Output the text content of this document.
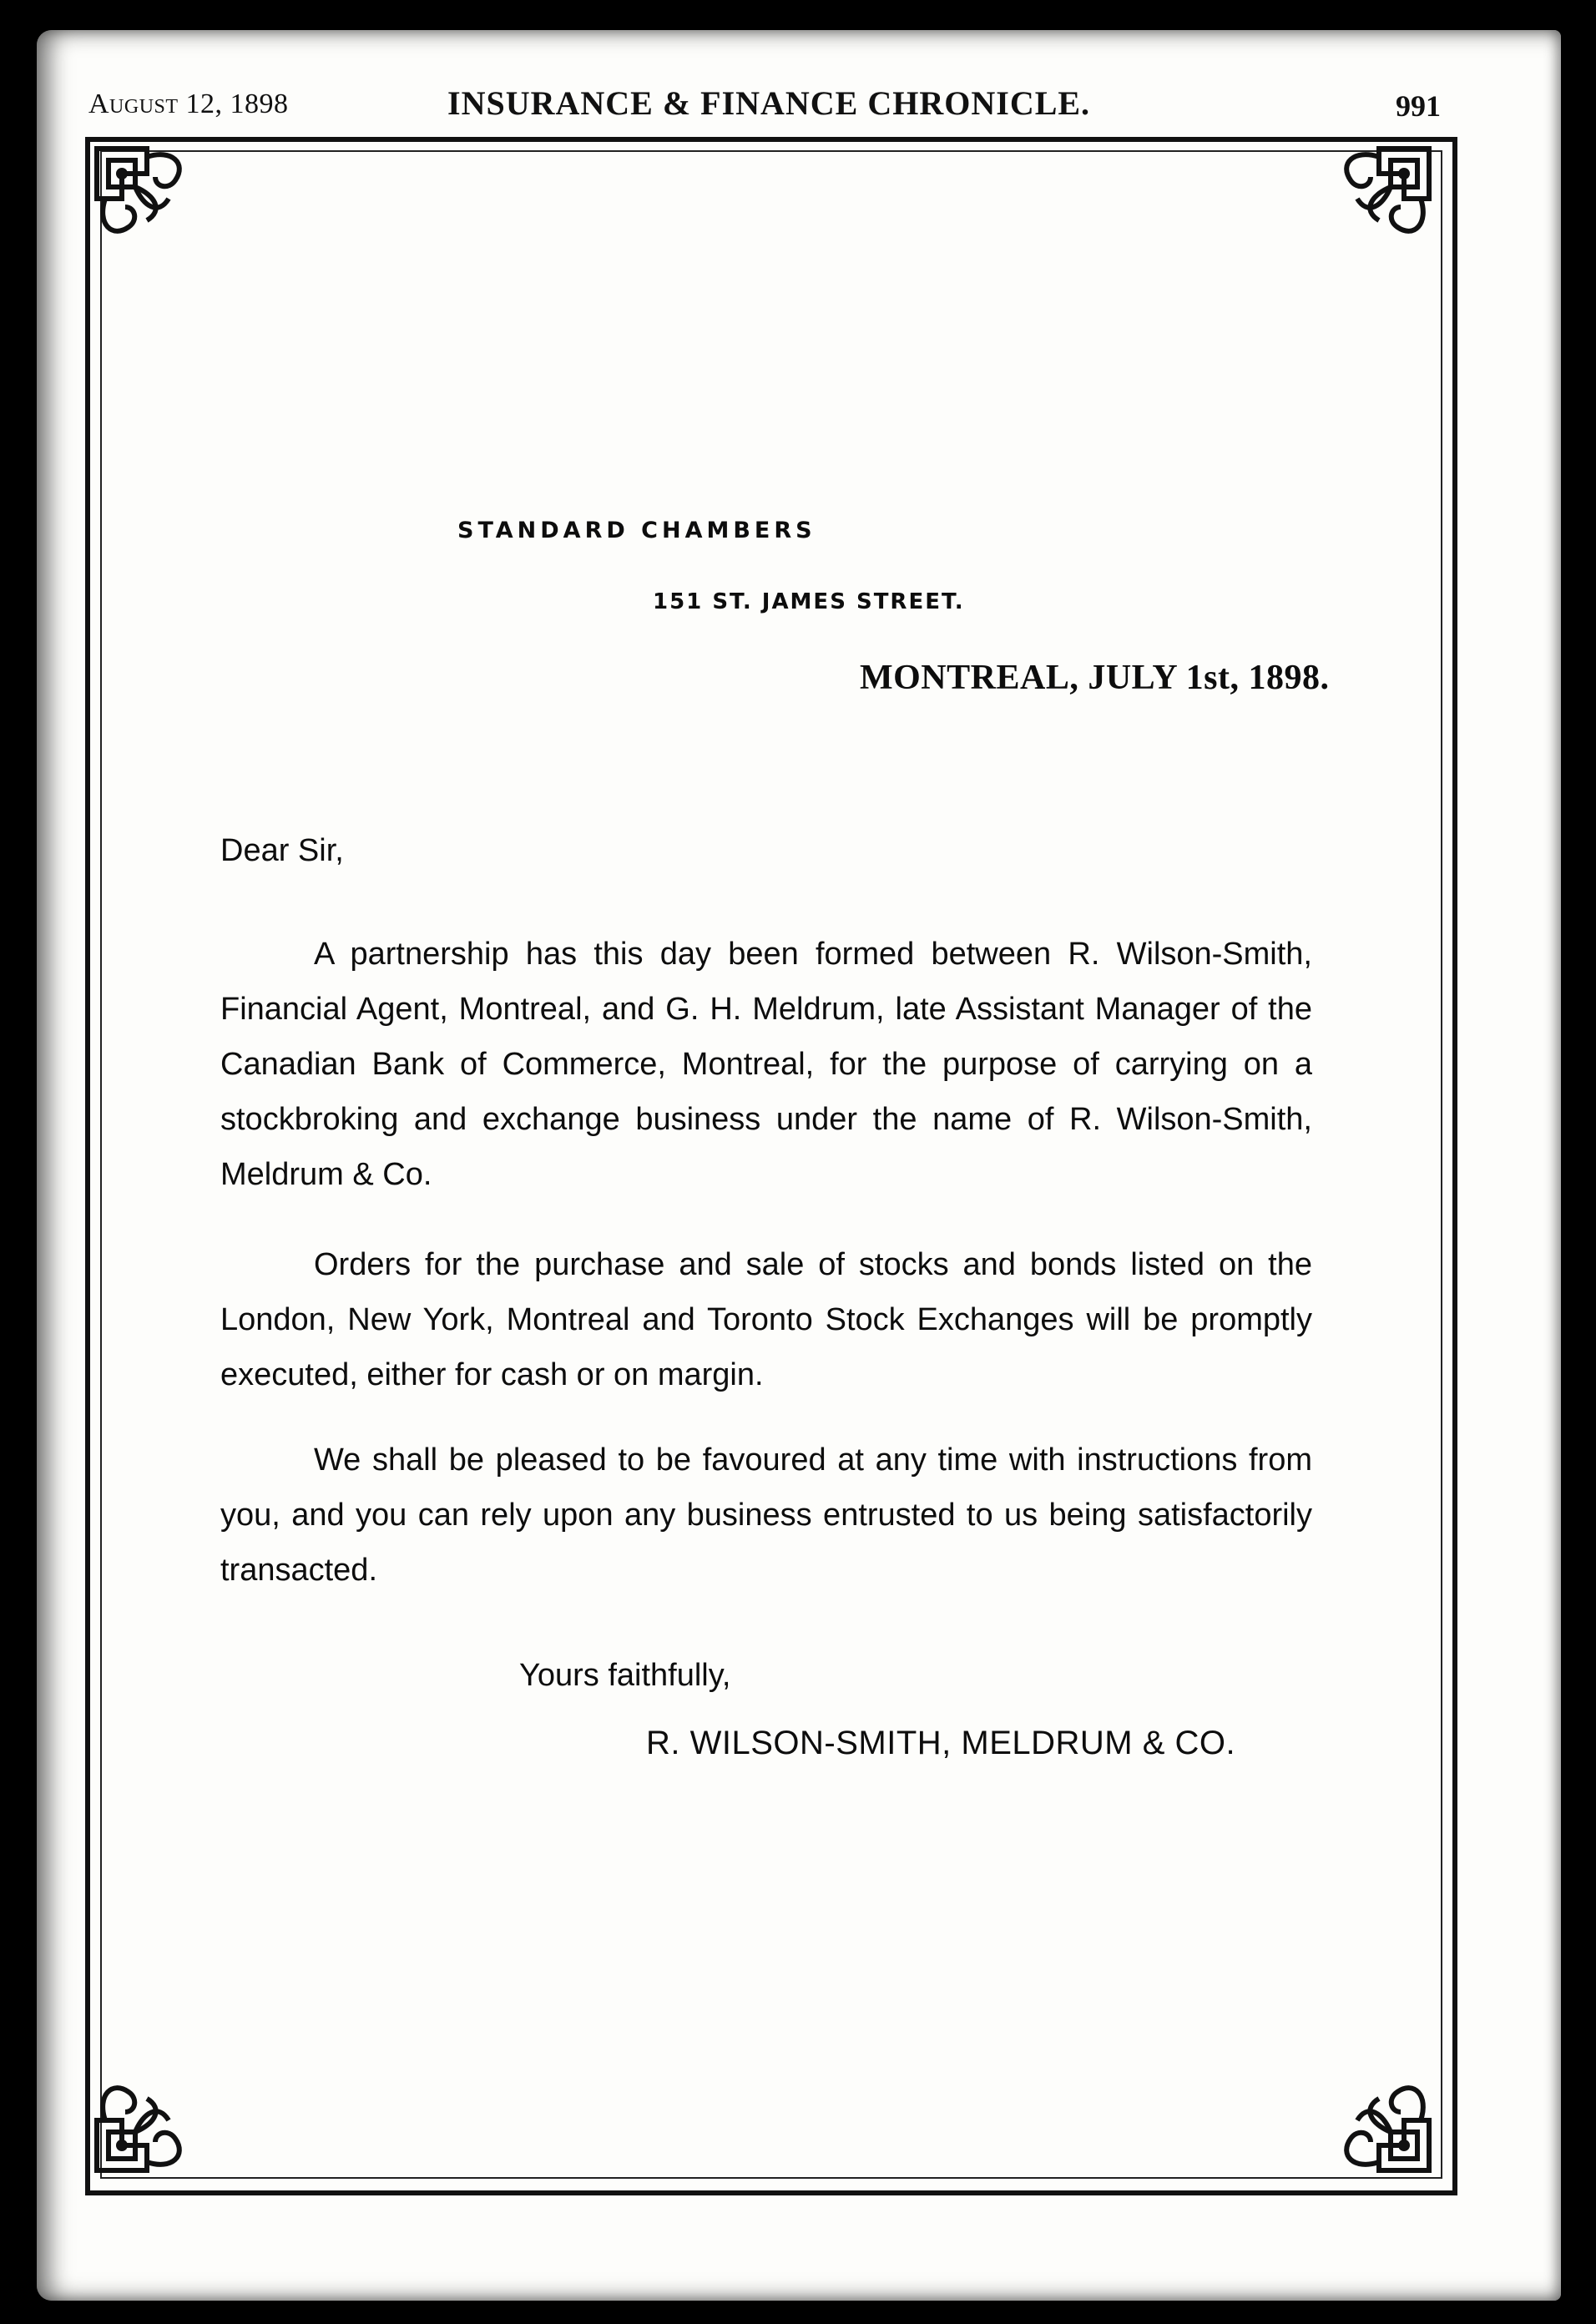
August 12, 1898	INSURANCE & FINANCE CHRONICLE.	991
STANDARD CHAMBERS
151 ST. JAMES STREET.
MONTREAL, JULY 1st, 1898.
Dear Sir,

A partnership has this day been formed between R. Wilson-Smith, Financial Agent, Montreal, and G. H. Meldrum, late Assistant Manager of the Canadian Bank of Commerce, Montreal, for the purpose of carrying on a stockbroking and exchange business under the name of R. Wilson-Smith, Meldrum & Co.

Orders for the purchase and sale of stocks and bonds listed on the London, New York, Montreal and Toronto Stock Exchanges will be promptly executed, either for cash or on margin.

We shall be pleased to be favoured at any time with instructions from you, and you can rely upon any business entrusted to us being satisfactorily transacted.

Yours faithfully,
R. WILSON-SMITH, MELDRUM & CO.
